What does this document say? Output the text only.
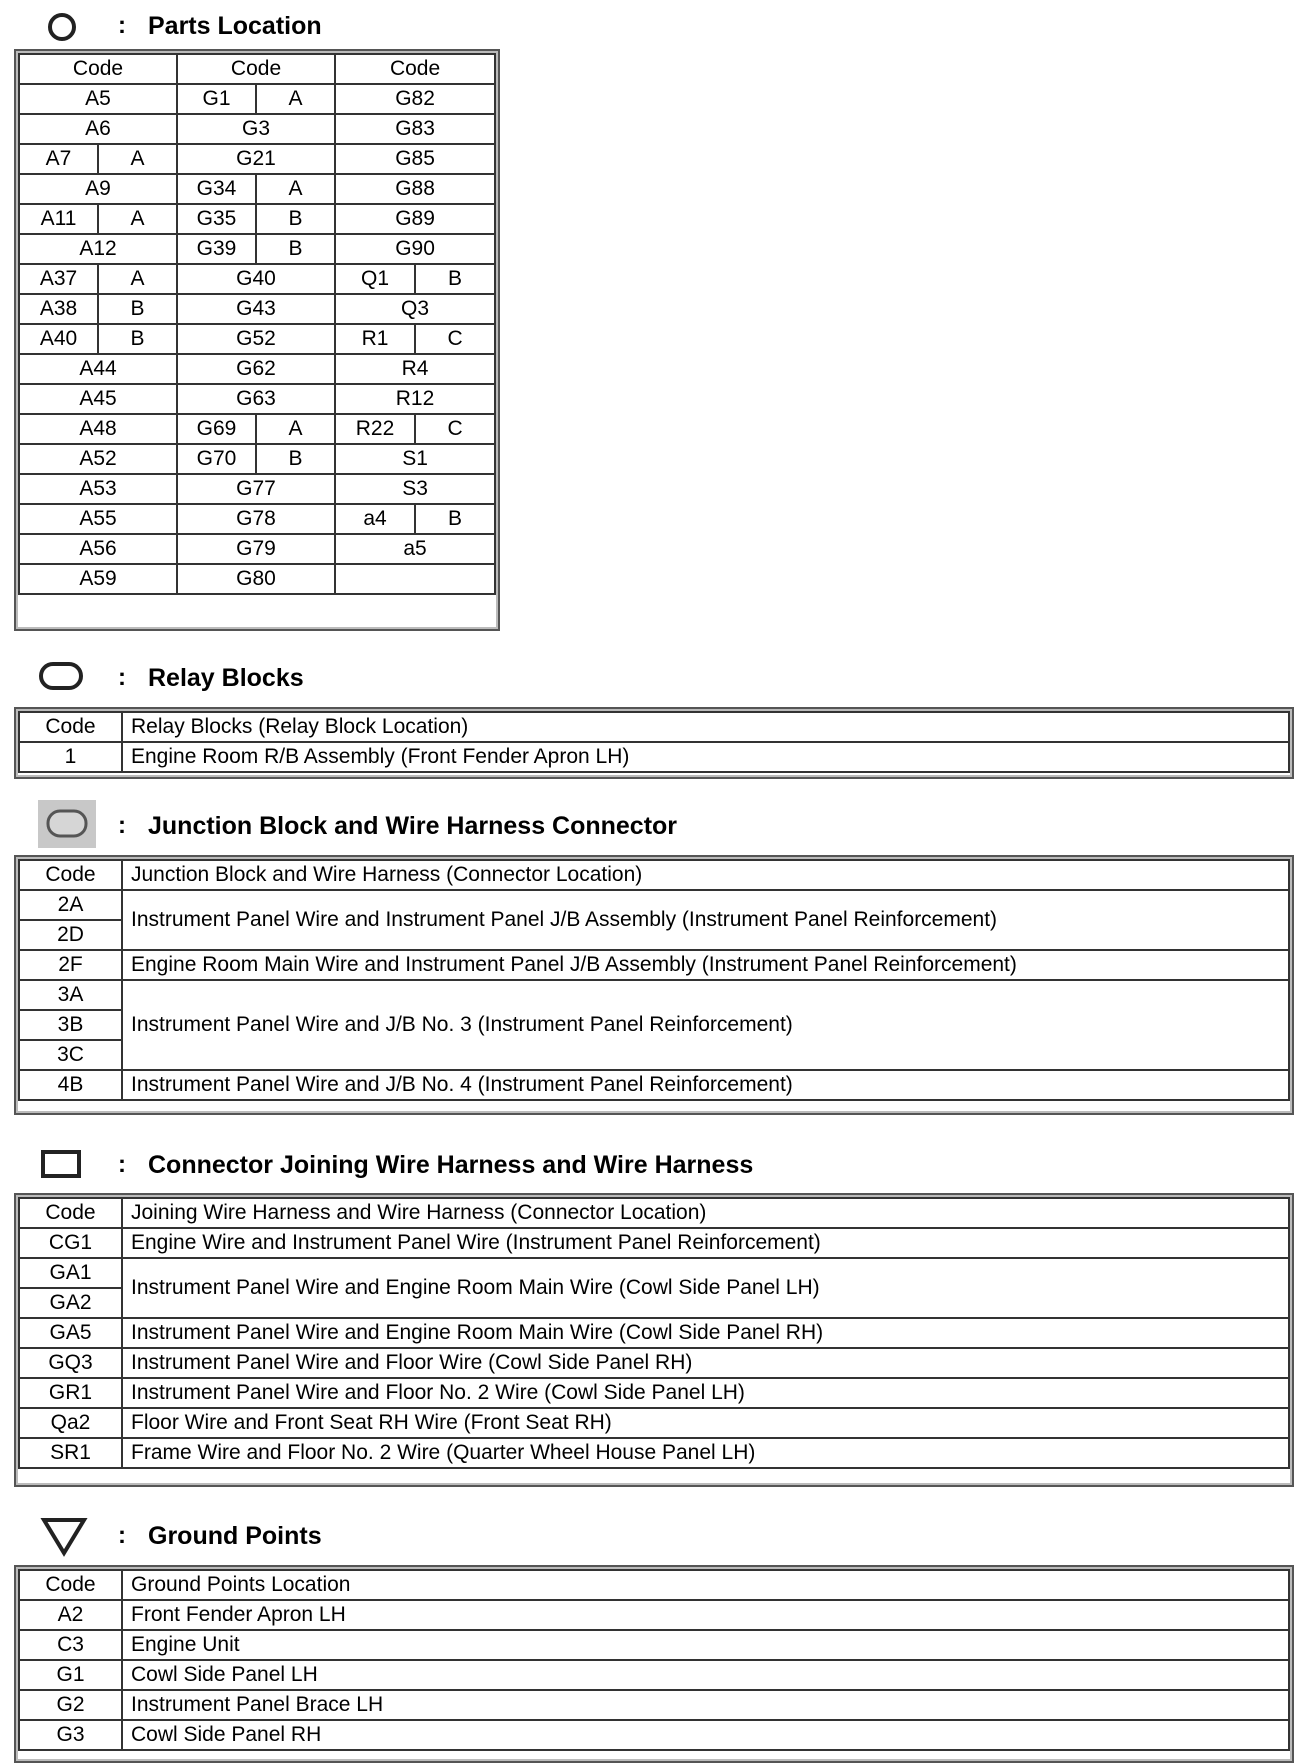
: Parts Location
Code		Code		Code	
A5		G1	A	G82	
A6		G3		G83	
A7	A	G21		G85	
A9		G34	A	G88	
A11	A	G35	B	G89	
A12		G39	B	G90	
A37	A	G40		Q1	B
A38	B	G43		Q3	
A40	B	G52		R1	C
A44		G62		R4	
A45		G63		R12	
A48		G69	A	R22	C
A52		G70	B	S1	
A53		G77		S3	
A55		G78		a4	B
A56		G79		a5	
A59		G80			
: Relay Blocks
Code	Relay Blocks (Relay Block Location)
1	Engine Room R/B Assembly (Front Fender Apron LH)
: Junction Block and Wire Harness Connector
Code	Junction Block and Wire Harness (Connector Location)
2A	Instrument Panel Wire and Instrument Panel J/B Assembly (Instrument Panel Reinforcement)
2D	
2F	Engine Room Main Wire and Instrument Panel J/B Assembly (Instrument Panel Reinforcement)
3A	Instrument Panel Wire and J/B No. 3 (Instrument Panel Reinforcement)
3B	
3C	
4B	Instrument Panel Wire and J/B No. 4 (Instrument Panel Reinforcement)
: Connector Joining Wire Harness and Wire Harness
Code	Joining Wire Harness and Wire Harness (Connector Location)
CG1	Engine Wire and Instrument Panel Wire (Instrument Panel Reinforcement)
GA1	Instrument Panel Wire and Engine Room Main Wire (Cowl Side Panel LH)
GA2	
GA5	Instrument Panel Wire and Engine Room Main Wire (Cowl Side Panel RH)
GQ3	Instrument Panel Wire and Floor Wire (Cowl Side Panel RH)
GR1	Instrument Panel Wire and Floor No. 2 Wire (Cowl Side Panel LH)
Qa2	Floor Wire and Front Seat RH Wire (Front Seat RH)
SR1	Frame Wire and Floor No. 2 Wire (Quarter Wheel House Panel LH)
: Ground Points
Code	Ground Points Location
A2	Front Fender Apron LH
C3	Engine Unit
G1	Cowl Side Panel LH
G2	Instrument Panel Brace LH
G3	Cowl Side Panel RH
